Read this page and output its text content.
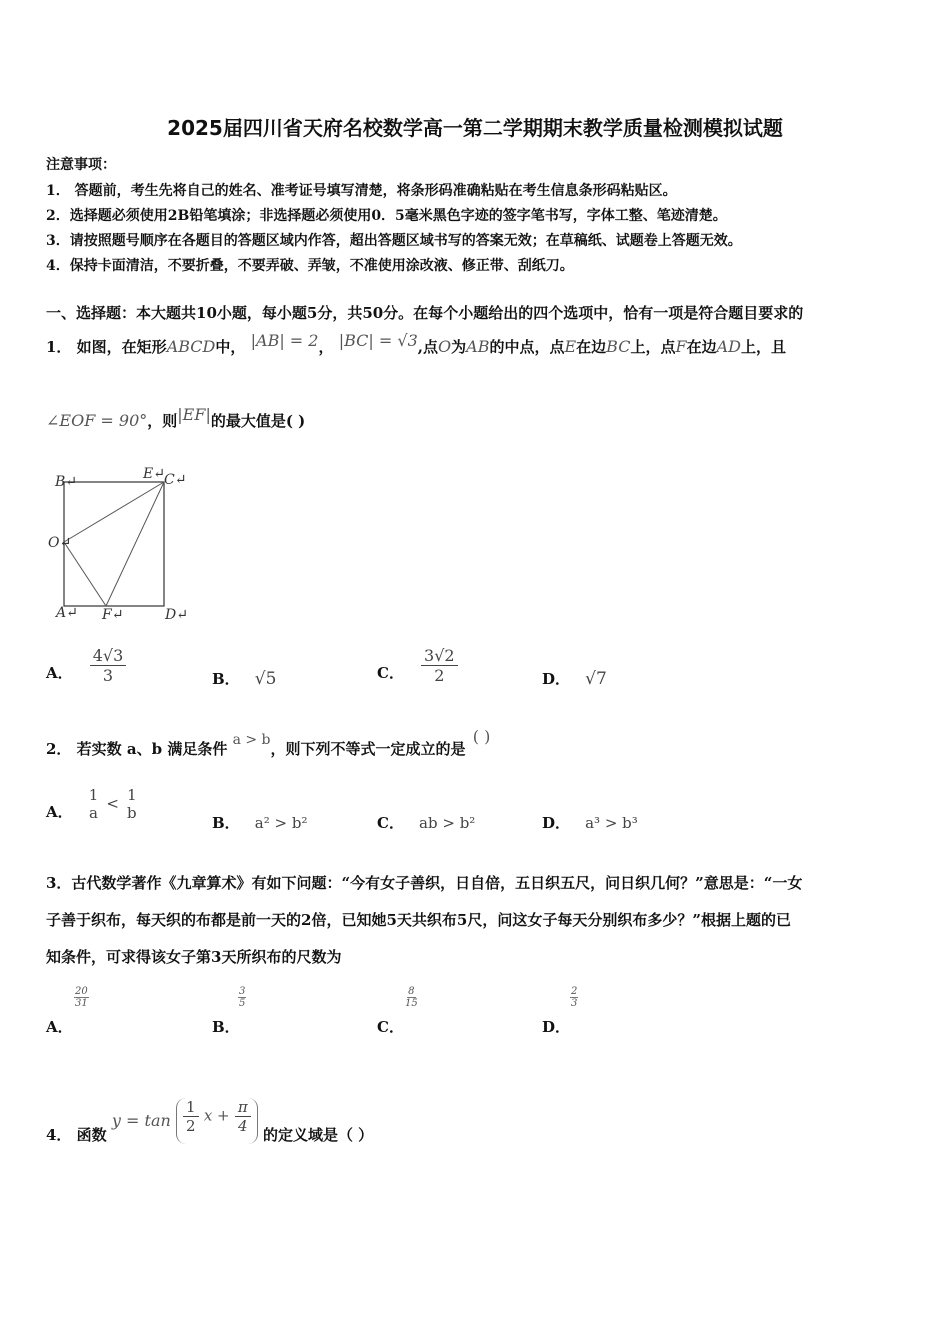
2025届四川省天府名校数学高一第二学期期末教学质量检测模拟试题
注意事项：
1． 答题前，考生先将自己的姓名、准考证号填写清楚，将条形码准确粘贴在考生信息条形码粘贴区。
2．选择题必须使用2B铅笔填涂；非选择题必须使用0．5毫米黑色字迹的签字笔书写，字体工整、笔迹清楚。
3．请按照题号顺序在各题目的答题区域内作答，超出答题区域书写的答案无效；在草稿纸、试题卷上答题无效。
4．保持卡面清洁，不要折叠，不要弄破、弄皱，不准使用涂改液、修正带、刮纸刀。
一、选择题：本大题共10小题，每小题5分，共50分。在每个小题给出的四个选项中，恰有一项是符合题目要求的
1． 如图，在矩形ABCD中， |AB| = 2， |BC| = √3,点O为AB的中点，点E在边BC上，点F在边AD上，且
∠EOF = 90°，则|EF|的最大值是( )
B↵	E↵ C↵
O↵
A↵ F↵	D↵
A． $\frac{4√3}{3}$	B． √5	C． $\frac{3√2}{2}$	D． √7
2． 若实数 a、b 满足条件 a > b，则下列不等式一定成立的是 ( )
A．
1
a
< 1
b
B． a² > b²	C． ab > b²	D． a³ > b³
3．古代数学著作《九章算术》有如下问题：“今有女子善织，日自倍，五日织五尺，问日织几何？”意思是：“一女
子善于织布，每天织的布都是前一天的2倍，已知她5天共织布5尺，问这女子每天分别织布多少？”根据上题的已
知条件，可求得该女子第3天所织布的尺数为
$\frac{20}{31}$
A．
$\frac{3}{5}$
B．
$\frac{8}{15}$
C．
$\frac{2}{3}$
D．
4． 函数 $y = \tan \frac{1}{2}$ $x + \frac{\pi}{4}$ 的定义域是（ ）
